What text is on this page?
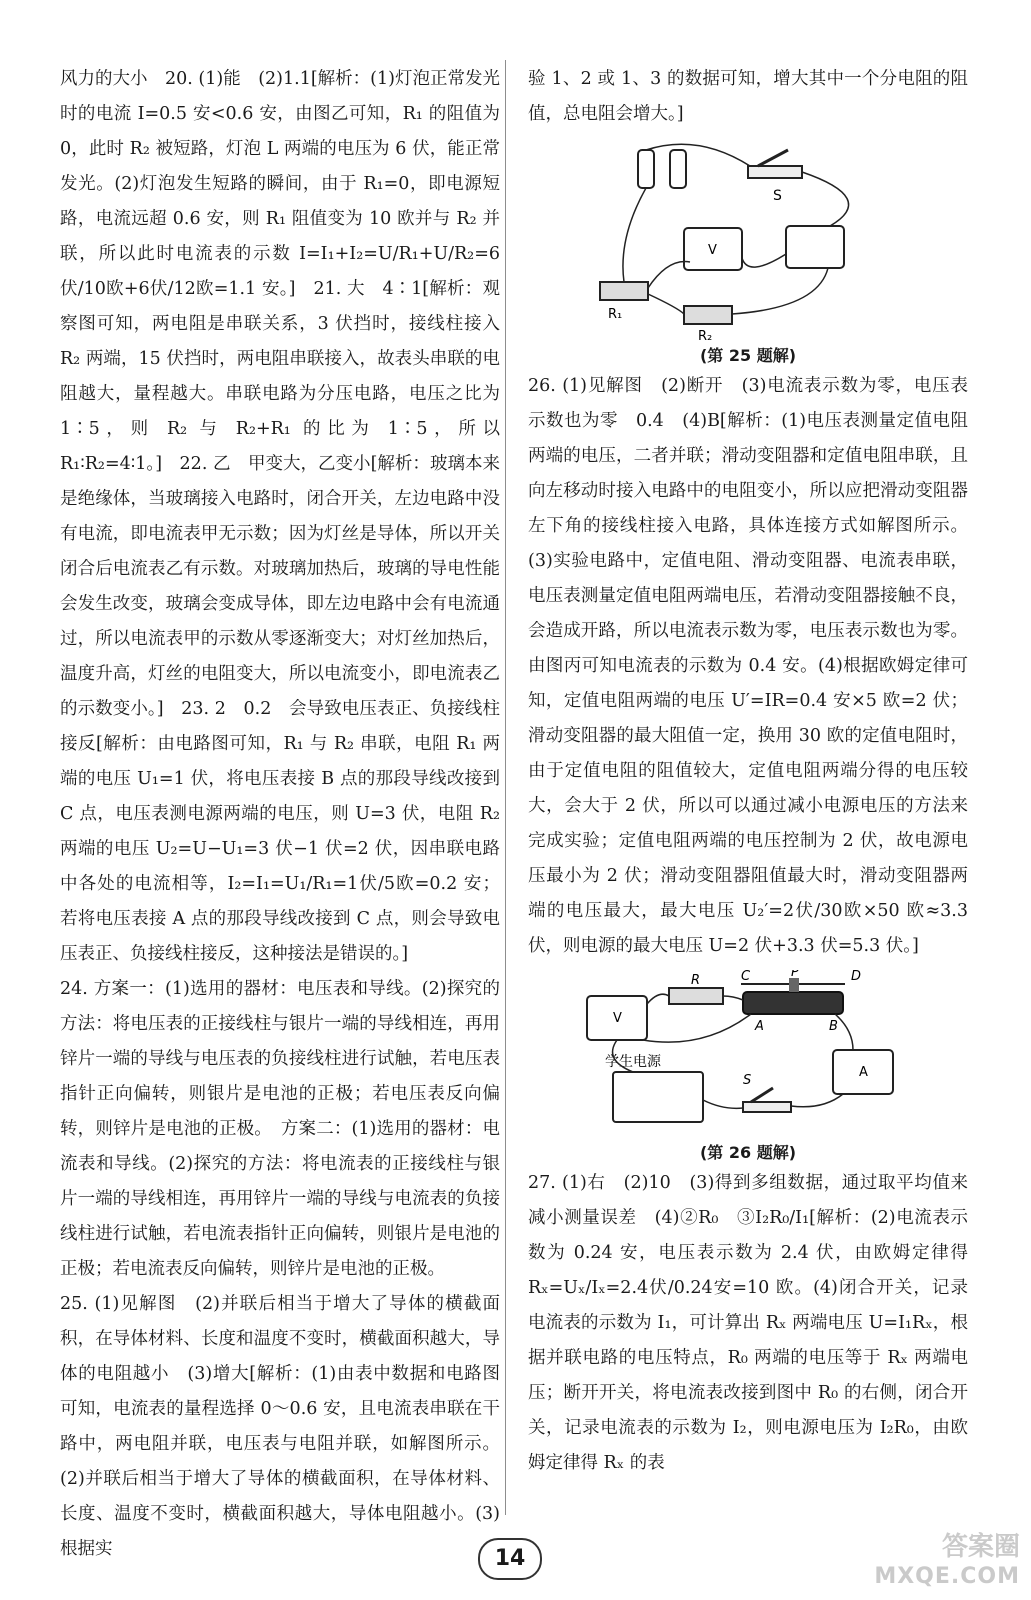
风力的大小　20. (1)能　(2)1.1[解析：(1)灯泡正常发光时的电流 I=0.5 安<0.6 安，由图乙可知，R₁ 的阻值为 0，此时 R₂ 被短路，灯泡 L 两端的电压为 6 伏，能正常发光。(2)灯泡发生短路的瞬间，由于 R₁=0，即电源短路，电流远超 0.6 安，则 R₁ 阻值变为 10 欧并与 R₂ 并联，所以此时电流表的示数 I=I₁+I₂=U/R₁+U/R₂=6伏/10欧+6伏/12欧=1.1 安。]　21. 大　4∶1[解析：观察图可知，两电阻是串联关系，3 伏挡时，接线柱接入 R₂ 两端，15 伏挡时，两电阻串联接入，故表头串联的电阻越大，量程越大。串联电路为分压电路，电压之比为 1∶5，则 R₂ 与 R₂+R₁ 的比为 1∶5，所以 R₁∶R₂=4∶1。]　22. 乙　甲变大，乙变小[解析：玻璃本来是绝缘体，当玻璃接入电路时，闭合开关，左边电路中没有电流，即电流表甲无示数；因为灯丝是导体，所以开关闭合后电流表乙有示数。对玻璃加热后，玻璃的导电性能会发生改变，玻璃会变成导体，即左边电路中会有电流通过，所以电流表甲的示数从零逐渐变大；对灯丝加热后，温度升高，灯丝的电阻变大，所以电流变小，即电流表乙的示数变小。]　23. 2　0.2　会导致电压表正、负接线柱接反[解析：由电路图可知，R₁ 与 R₂ 串联，电阻 R₁ 两端的电压 U₁=1 伏，将电压表接 B 点的那段导线改接到 C 点，电压表测电源两端的电压，则 U=3 伏，电阻 R₂ 两端的电压 U₂=U−U₁=3 伏−1 伏=2 伏，因串联电路中各处的电流相等，I₂=I₁=U₁/R₁=1伏/5欧=0.2 安；若将电压表接 A 点的那段导线改接到 C 点，则会导致电压表正、负接线柱接反，这种接法是错误的。]

24. 方案一：(1)选用的器材：电压表和导线。(2)探究的方法：将电压表的正接线柱与银片一端的导线相连，再用锌片一端的导线与电压表的负接线柱进行试触，若电压表指针正向偏转，则银片是电池的正极；若电压表反向偏转，则锌片是电池的正极。　方案二：(1)选用的器材：电流表和导线。(2)探究的方法：将电流表的正接线柱与银片一端的导线相连，再用锌片一端的导线与电流表的负接线柱进行试触，若电流表指针正向偏转，则银片是电池的正极；若电流表反向偏转，则锌片是电池的正极。

25. (1)见解图　(2)并联后相当于增大了导体的横截面积，在导体材料、长度和温度不变时，横截面积越大，导体的电阻越小　(3)增大[解析：(1)由表中数据和电路图可知，电流表的量程选择 0～0.6 安，且电流表串联在干路中，两电阻并联，电压表与电阻并联，如解图所示。(2)并联后相当于增大了导体的横截面积，在导体材料、长度、温度不变时，横截面积越大，导体电阻越小。(3)根据实

验 1、2 或 1、3 的数据可知，增大其中一个分电阻的阻值，总电阻会增大。]

S
V
R₁
R₂
(第 25 题解)

26. (1)见解图　(2)断开　(3)电流表示数为零，电压表示数也为零　0.4　(4)B[解析：(1)电压表测量定值电阻两端的电压，二者并联；滑动变阻器和定值电阻串联，且向左移动时接入电路中的电阻变小，所以应把滑动变阻器左下角的接线柱接入电路，具体连接方式如解图所示。(3)实验电路中，定值电阻、滑动变阻器、电流表串联，电压表测量定值电阻两端电压，若滑动变阻器接触不良，会造成开路，所以电流表示数为零，电压表示数也为零。由图丙可知电流表的示数为 0.4 安。(4)根据欧姆定律可知，定值电阻两端的电压 U′=IR=0.4 安×5 欧=2 伏；滑动变阻器的最大阻值一定，换用 30 欧的定值电阻时，由于定值电阻的阻值较大，定值电阻两端分得的电压较大，会大于 2 伏，所以可以通过减小电源电压的方法来完成实验；定值电阻两端的电压控制为 2 伏，故电源电压最小为 2 伏；滑动变阻器阻值最大时，滑动变阻器两端的电压最大，最大电压 U₂′=2伏/30欧×50 欧≈3.3 伏，则电源的最大电压 U=2 伏+3.3 伏=5.3 伏。]

V
R	C	P	D
A	B
学生电源
A
S
(第 26 题解)

27. (1)右　(2)10　(3)得到多组数据，通过取平均值来减小测量误差　(4)②R₀　③I₂R₀/I₁[解析：(2)电流表示数为 0.24 安，电压表示数为 2.4 伏，由欧姆定律得 Rₓ=Uₓ/Iₓ=2.4伏/0.24安=10 欧。(4)闭合开关，记录电流表的示数为 I₁，可计算出 Rₓ 两端电压 U=I₁Rₓ，根据并联电路的电压特点，R₀ 两端的电压等于 Rₓ 两端电压；断开开关，将电流表改接到图中 R₀ 的右侧，闭合开关，记录电流表的示数为 I₂，则电源电压为 I₂R₀，由欧姆定律得 Rₓ 的表

14	答案圈
MXQE.COM
